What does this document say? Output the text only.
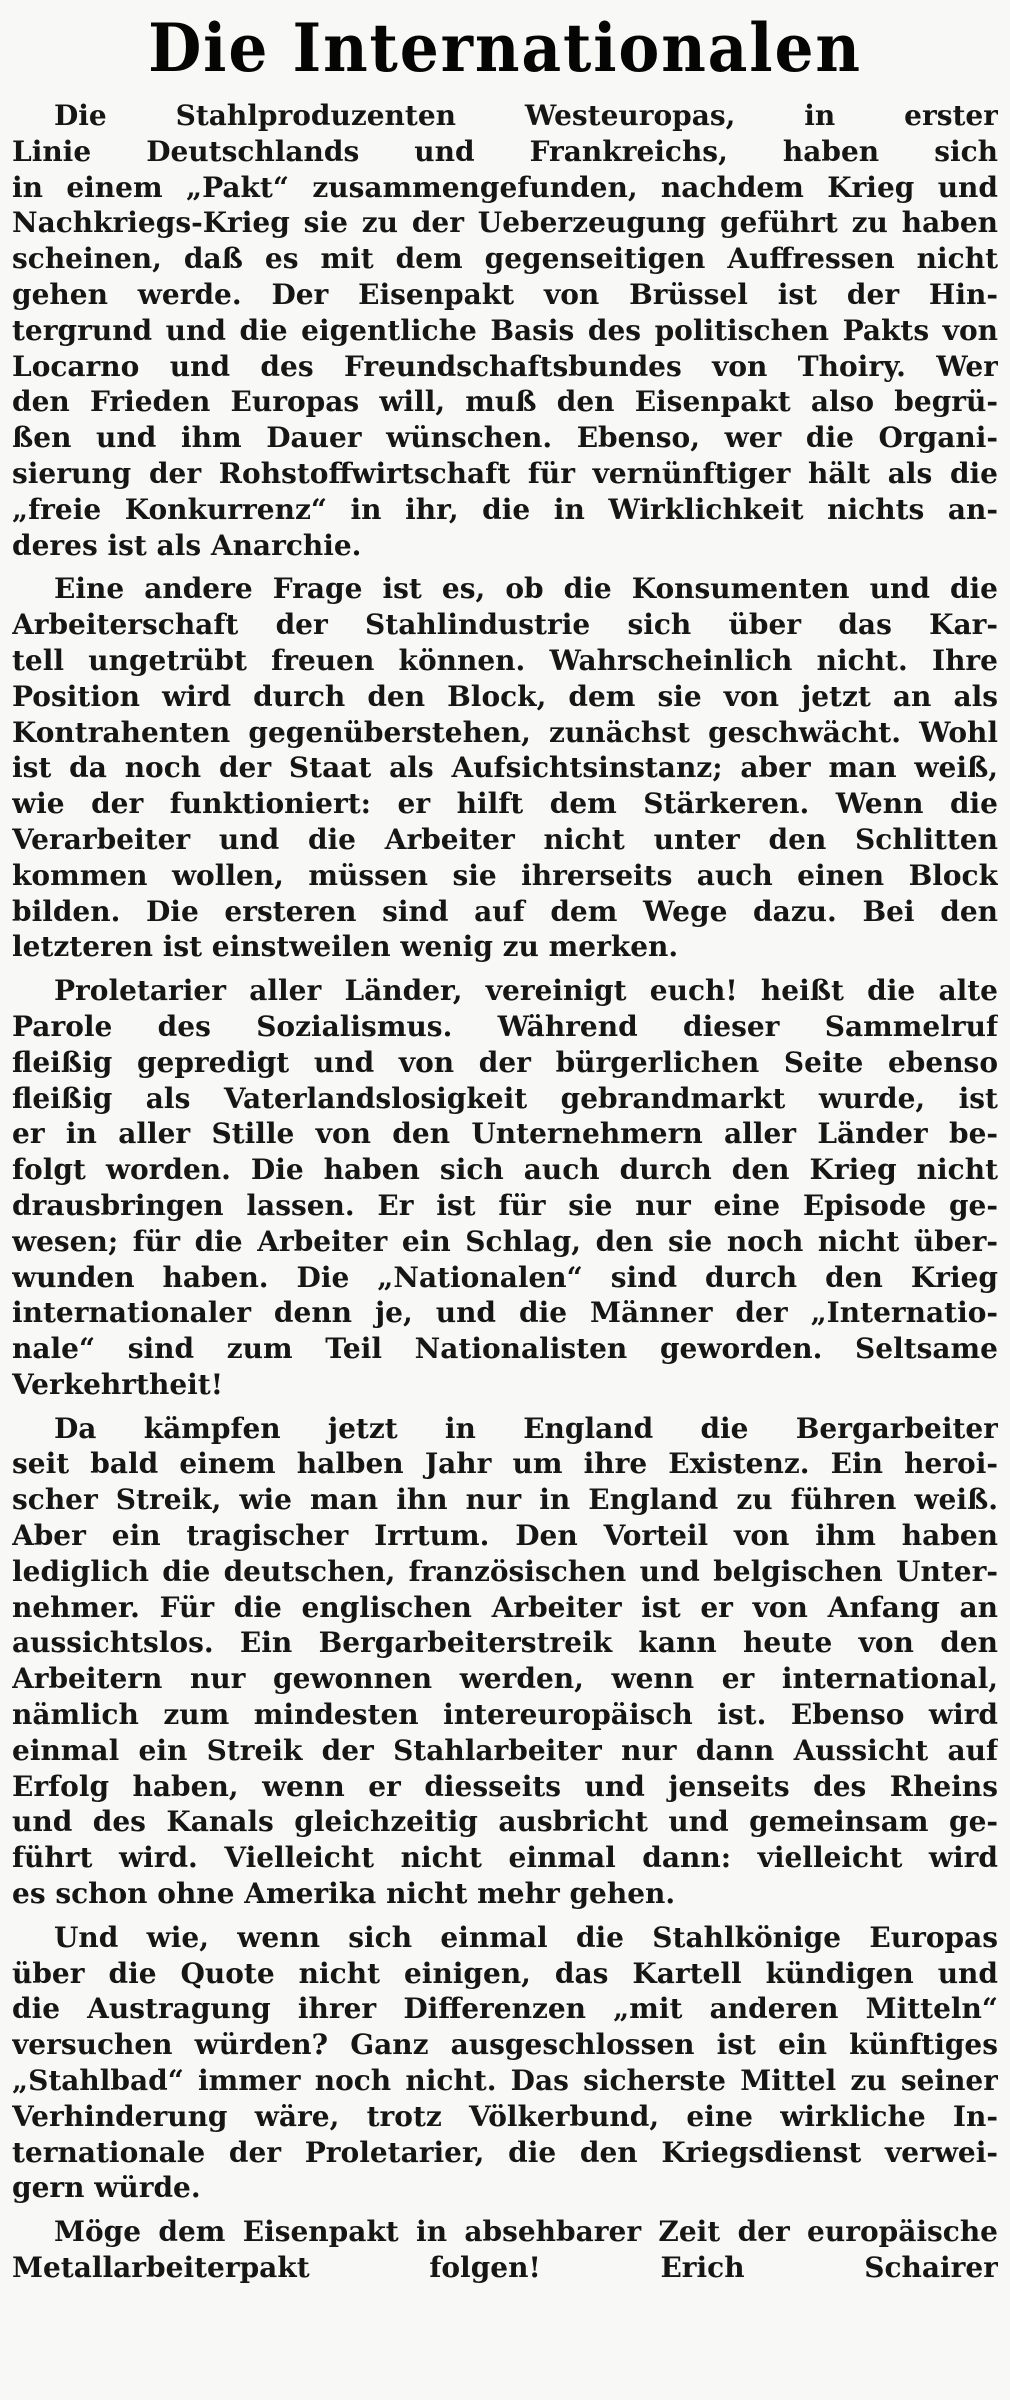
Die Internationalen
Die Stahlproduzenten Westeuropas, in erster
Linie Deutschlands und Frankreichs, haben sich
in einem „Pakt“ zusammengefunden, nachdem Krieg und
Nachkriegs-Krieg sie zu der Ueberzeugung geführt zu haben
scheinen, daß es mit dem gegenseitigen Auffressen nicht
gehen werde. Der Eisenpakt von Brüssel ist der Hin-
tergrund und die eigentliche Basis des politischen Pakts von
Locarno und des Freundschaftsbundes von Thoiry. Wer
den Frieden Europas will, muß den Eisenpakt also begrü-
ßen und ihm Dauer wünschen. Ebenso, wer die Organi-
sierung der Rohstoffwirtschaft für vernünftiger hält als die
„freie Konkurrenz“ in ihr, die in Wirklichkeit nichts an-
deres ist als Anarchie.
Eine andere Frage ist es, ob die Konsumenten und die
Arbeiterschaft der Stahlindustrie sich über das Kar-
tell ungetrübt freuen können. Wahrscheinlich nicht. Ihre
Position wird durch den Block, dem sie von jetzt an als
Kontrahenten gegenüberstehen, zunächst geschwächt. Wohl
ist da noch der Staat als Aufsichtsinstanz; aber man weiß,
wie der funktioniert: er hilft dem Stärkeren. Wenn die
Verarbeiter und die Arbeiter nicht unter den Schlitten
kommen wollen, müssen sie ihrerseits auch einen Block
bilden. Die ersteren sind auf dem Wege dazu. Bei den
letzteren ist einstweilen wenig zu merken.
Proletarier aller Länder, vereinigt euch! heißt die alte
Parole des Sozialismus. Während dieser Sammelruf
fleißig gepredigt und von der bürgerlichen Seite ebenso
fleißig als Vaterlandslosigkeit gebrandmarkt wurde, ist
er in aller Stille von den Unternehmern aller Länder be-
folgt worden. Die haben sich auch durch den Krieg nicht
drausbringen lassen. Er ist für sie nur eine Episode ge-
wesen; für die Arbeiter ein Schlag, den sie noch nicht über-
wunden haben. Die „Nationalen“ sind durch den Krieg
internationaler denn je, und die Männer der „Internatio-
nale“ sind zum Teil Nationalisten geworden. Seltsame
Verkehrtheit!
Da kämpfen jetzt in England die Bergarbeiter
seit bald einem halben Jahr um ihre Existenz. Ein heroi-
scher Streik, wie man ihn nur in England zu führen weiß.
Aber ein tragischer Irrtum. Den Vorteil von ihm haben
lediglich die deutschen, französischen und belgischen Unter-
nehmer. Für die englischen Arbeiter ist er von Anfang an
aussichtslos. Ein Bergarbeiterstreik kann heute von den
Arbeitern nur gewonnen werden, wenn er international,
nämlich zum mindesten intereuropäisch ist. Ebenso wird
einmal ein Streik der Stahlarbeiter nur dann Aussicht auf
Erfolg haben, wenn er diesseits und jenseits des Rheins
und des Kanals gleichzeitig ausbricht und gemeinsam ge-
führt wird. Vielleicht nicht einmal dann: vielleicht wird
es schon ohne Amerika nicht mehr gehen.
Und wie, wenn sich einmal die Stahlkönige Europas
über die Quote nicht einigen, das Kartell kündigen und
die Austragung ihrer Differenzen „mit anderen Mitteln“
versuchen würden? Ganz ausgeschlossen ist ein künftiges
„Stahlbad“ immer noch nicht. Das sicherste Mittel zu seiner
Verhinderung wäre, trotz Völkerbund, eine wirkliche In-
ternationale der Proletarier, die den Kriegsdienst verwei-
gern würde.
Möge dem Eisenpakt in absehbarer Zeit der europäische
Metallarbeiterpakt folgen! Erich Schairer
